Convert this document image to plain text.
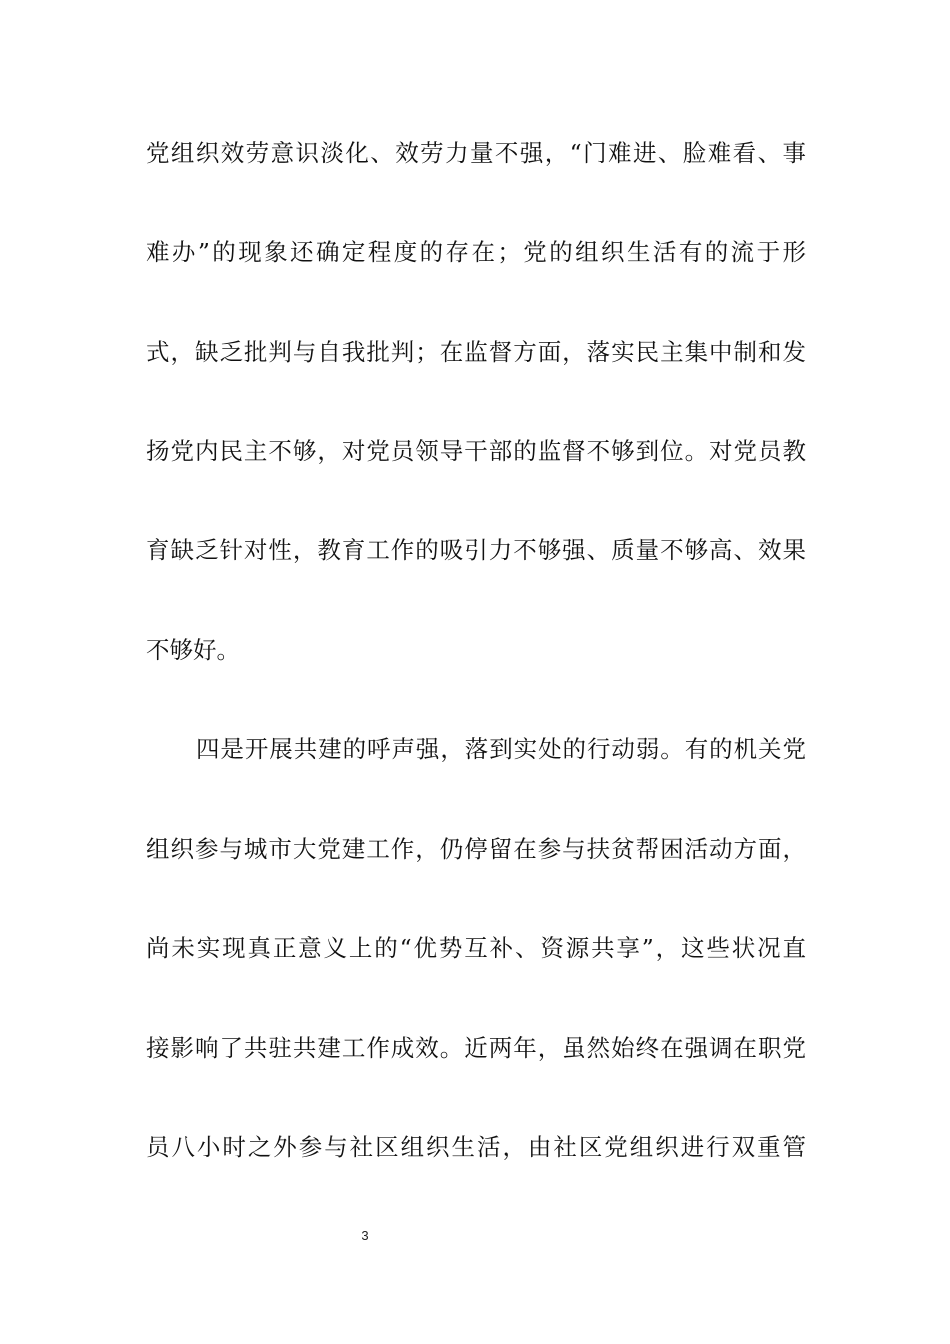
党组织效劳意识淡化、效劳力量不强，“门难进、脸难看、事
难办”的现象还确定程度的存在；党的组织生活有的流于形
式，缺乏批判与自我批判；在监督方面，落实民主集中制和发
扬党内民主不够，对党员领导干部的监督不够到位。对党员教
育缺乏针对性，教育工作的吸引力不够强、质量不够高、效果
不够好。
四是开展共建的呼声强，落到实处的行动弱。有的机关党
组织参与城市大党建工作，仍停留在参与扶贫帮困活动方面，
尚未实现真正意义上的“优势互补、资源共享”，这些状况直
接影响了共驻共建工作成效。近两年，虽然始终在强调在职党
员八小时之外参与社区组织生活，由社区党组织进行双重管
3
